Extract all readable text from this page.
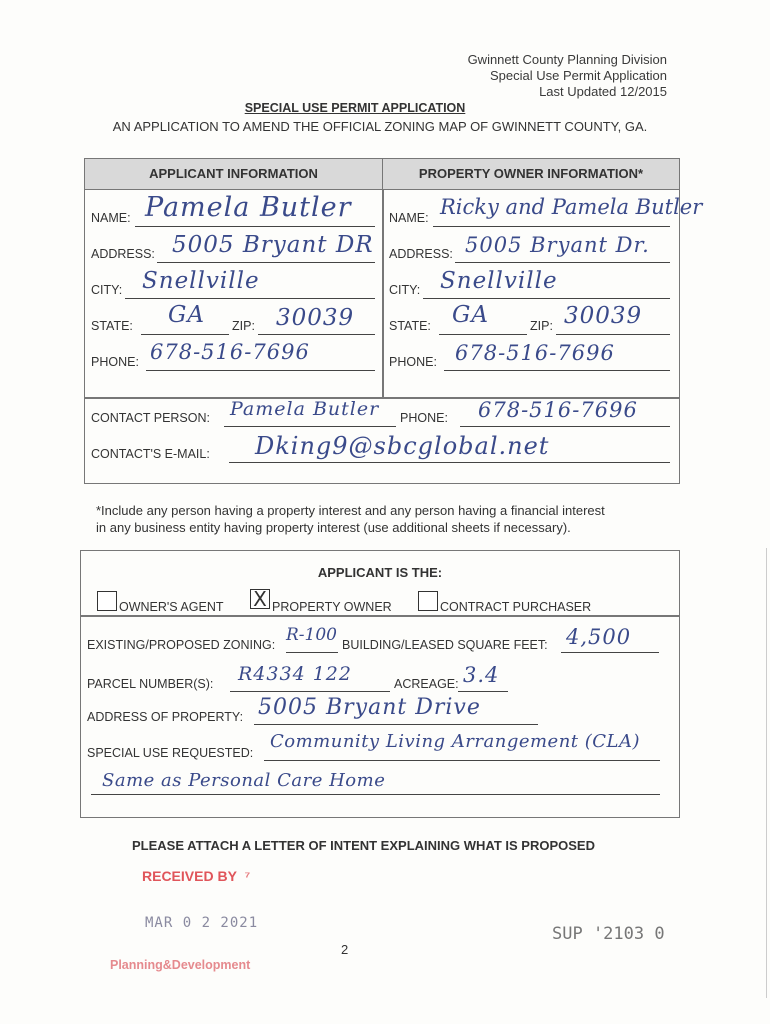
Gwinnett County Planning Division
Special Use Permit Application
Last Updated 12/2015
SPECIAL USE PERMIT APPLICATION
AN APPLICATION TO AMEND THE OFFICIAL ZONING MAP OF GWINNETT COUNTY, GA.
APPLICANT INFORMATION	PROPERTY OWNER INFORMATION*
NAME: Pamela Butler
ADDRESS: 5005 Bryant DR
CITY: Snellville
STATE: GA ZIP: 30039
PHONE: 678-516-7696
NAME: Ricky and Pamela Butler
ADDRESS: 5005 Bryant Dr.
CITY: Snellville
STATE: GA	ZIP: 30039
PHONE: 678-516-7696
CONTACT PERSON: Pamela Butler PHONE: 678-516-7696
CONTACT'S E-MAIL: Dking9@sbcglobal.net
*Include any person having a property interest and any person having a financial interest
in any business entity having property interest (use additional sheets if necessary).
APPLICANT IS THE:
OWNER'S AGENT X PROPERTY OWNER	CONTRACT PURCHASER
EXISTING/PROPOSED ZONING: R-100 BUILDING/LEASED SQUARE FEET: 4,500
PARCEL NUMBER(S): R4334 122	ACREAGE: 3.4
ADDRESS OF PROPERTY: 5005 Bryant Drive
SPECIAL USE REQUESTED:
Community Living Arrangement (CLA)
Same as Personal Care Home
PLEASE ATTACH A LETTER OF INTENT EXPLAINING WHAT IS PROPOSED
RECEIVED BY  ⁷
MAR 0 2 2021
Planning&Development
SUP '2103 0
2
